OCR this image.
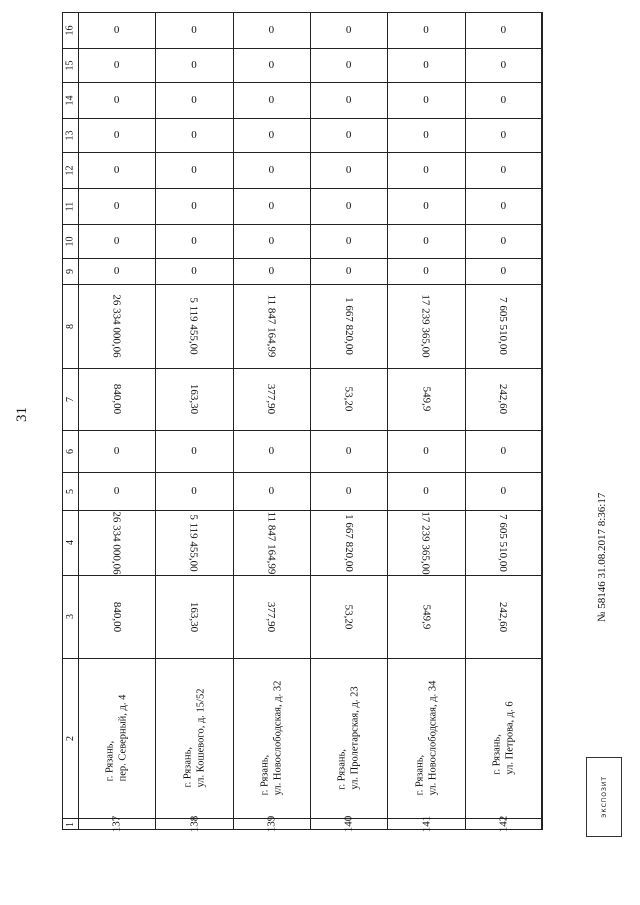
31
16
15
14
13
12
11
10
9
8
7
6
5
4
3
2
1
0
0
0
0
0
0
0
0
26 334 000,06
840,00
0
0
26 334 000,06
840,00
г. Рязань, пер. Северный, д. 4
137
0
0
0
0
0
0
0
0
5 119 455,00
163,30
0
0
5 119 455,00
163,30
г. Рязань, ул. Кошевого, д. 15/52
138
0
0
0
0
0
0
0
0
11 847 164,99
377,90
0
0
11 847 164,99
377,90
г. Рязань, ул. Новослободская, д. 32
139
0
0
0
0
0
0
0
0
1 667 820,00
53,20
0
0
1 667 820,00
53,20
г. Рязань, ул. Пролетарская, д. 23
140
0
0
0
0
0
0
0
0
17 239 365,00
549,9
0
0
17 239 365,00
549,9
г. Рязань, ул. Новослободская, д. 34
141
0
0
0
0
0
0
0
0
7 605 510,00
242,60
0
0
7 605 510,00
242,60
г. Рязань, ул. Петрова, д. 6
142
№ 58146 31.08.2017 8:36:17
ЭКСПОЗИТ
